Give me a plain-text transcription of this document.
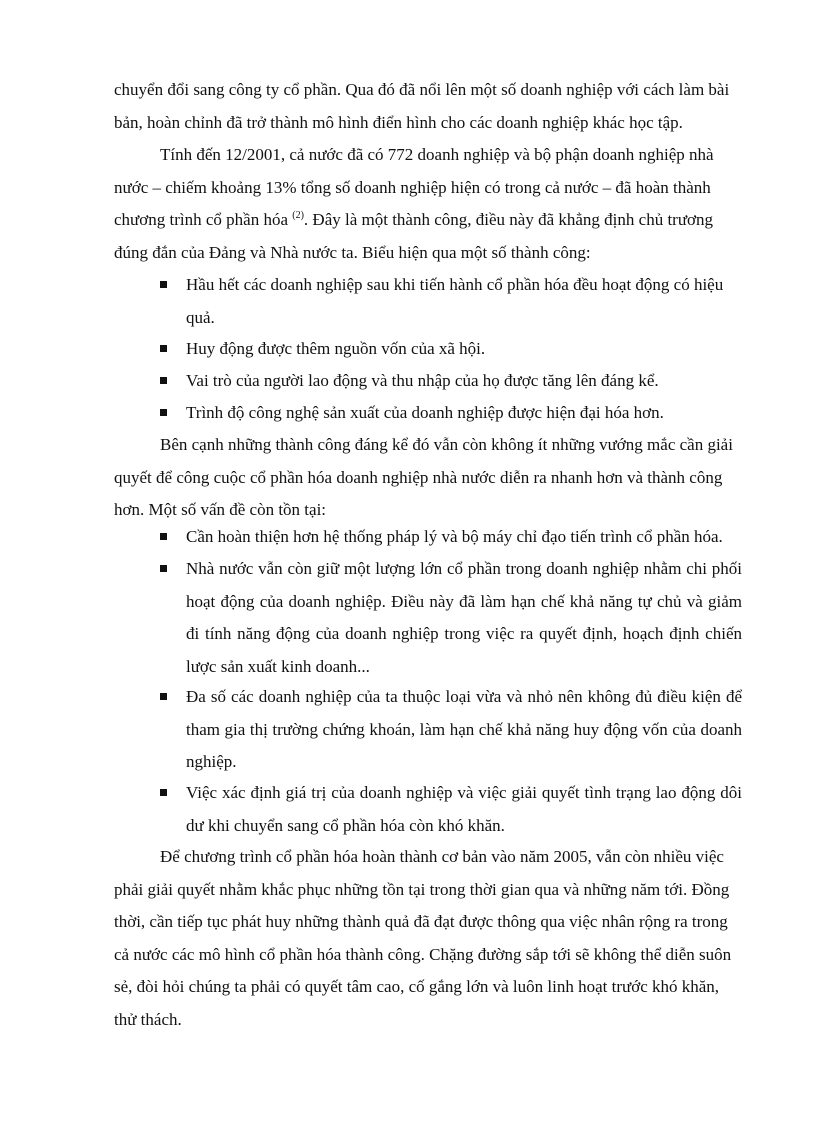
chuyển đổi sang công ty cổ phần. Qua đó đã nổi lên một số doanh nghiệp với cách làm bài bản, hoàn chỉnh đã trở thành mô hình điển hình cho các doanh nghiệp khác học tập.

Tính đến 12/2001, cả nước đã có 772 doanh nghiệp và bộ phận doanh nghiệp nhà nước – chiếm khoảng 13% tổng số doanh nghiệp hiện có trong cả nước – đã hoàn thành chương trình cổ phần hóa $^{(2)}$. Đây là một thành công, điều này đã khẳng định chủ trương đúng đắn của Đảng và Nhà nước ta. Biểu hiện qua một số thành công:

Hầu hết các doanh nghiệp sau khi tiến hành cổ phần hóa đều hoạt động có hiệu quả.
Huy động được thêm nguồn vốn của xã hội.
Vai trò của người lao động và thu nhập của họ được tăng lên đáng kể.
Trình độ công nghệ sản xuất của doanh nghiệp được hiện đại hóa hơn.

Bên cạnh những thành công đáng kể đó vẫn còn không ít những vướng mắc cần giải quyết để công cuộc cổ phần hóa doanh nghiệp nhà nước diễn ra nhanh hơn và thành công hơn. Một số vấn đề còn tồn tại:

Cần hoàn thiện hơn hệ thống pháp lý và bộ máy chỉ đạo tiến trình cổ phần hóa.
Nhà nước vẫn còn giữ một lượng lớn cổ phần trong doanh nghiệp nhằm chi phối hoạt động của doanh nghiệp. Điều này đã làm hạn chế khả năng tự chủ và giảm đi tính năng động của doanh nghiệp trong việc ra quyết định, hoạch định chiến lược sản xuất kinh doanh...
Đa số các doanh nghiệp của ta thuộc loại vừa và nhỏ nên không đủ điều kiện để tham gia thị trường chứng khoán, làm hạn chế khả năng huy động vốn của doanh nghiệp.
Việc xác định giá trị của doanh nghiệp và việc giải quyết tình trạng lao động dôi dư khi chuyển sang cổ phần hóa còn khó khăn.

Để chương trình cổ phần hóa hoàn thành cơ bản vào năm 2005, vẫn còn nhiều việc phải giải quyết nhằm khắc phục những tồn tại trong thời gian qua và những năm tới. Đồng thời, cần tiếp tục phát huy những thành quả đã đạt được thông qua việc nhân rộng ra trong cả nước các mô hình cổ phần hóa thành công. Chặng đường sắp tới sẽ không thể diễn suôn sẻ, đòi hỏi chúng ta phải có quyết tâm cao, cố gắng lớn và luôn linh hoạt trước khó khăn, thử thách.
